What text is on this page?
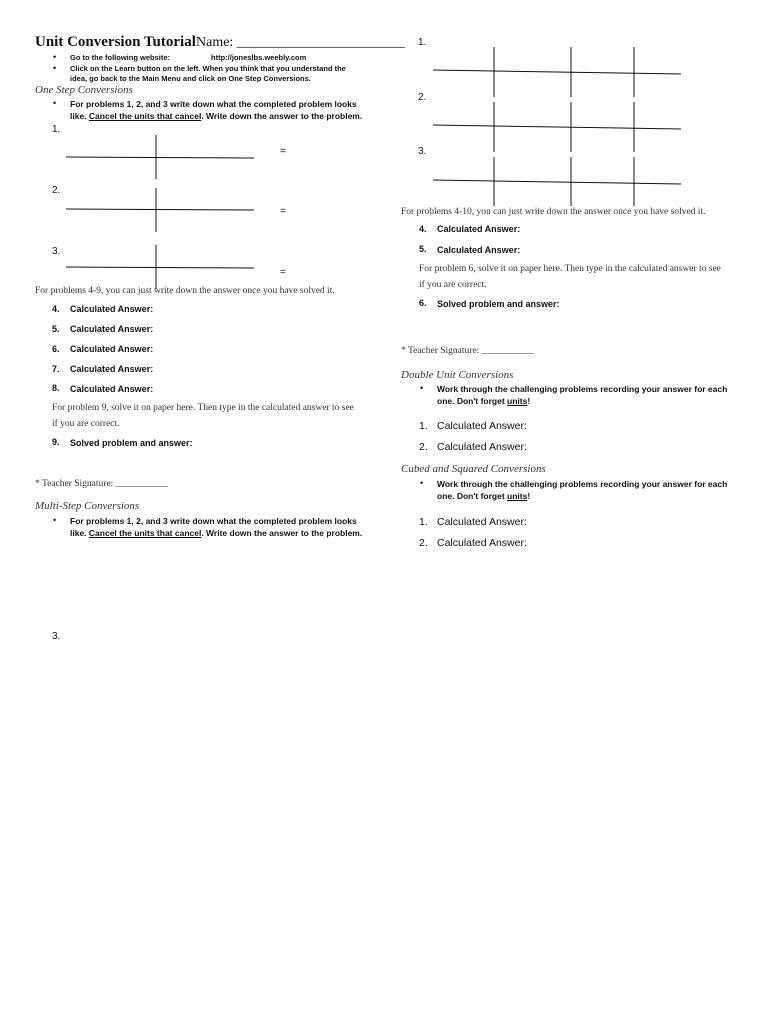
Unit Conversion Tutorial Name: ________________________
• Go to the following website:	http://joneslbs.weebly.com
• Click on the Learn button on the left. When you think that you understand the
idea, go back to the Main Menu and click on One Step Conversions.
One Step Conversions
• For problems 1, 2, and 3 write down what the completed problem looks
like. Cancel the units that cancel. Write down the answer to the problem.
1.
=
2.
=
3.
=
For problems 4-9, you can just write down the answer once you have solved it.
4. Calculated Answer:
5. Calculated Answer:
6. Calculated Answer:
7. Calculated Answer:
8. Calculated Answer:
For problem 9, solve it on paper here. Then type in the calculated answer to see
if you are correct.
9. Solved problem and answer:
* Teacher Signature: ___________
Multi-Step Conversions
• For problems 1, 2, and 3 write down what the completed problem looks
like. Cancel the units that cancel. Write down the answer to the problem.
3.
1.
2.
3.
For problems 4-10, you can just write down the answer once you have solved it.
4. Calculated Answer:
5. Calculated Answer:
For problem 6, solve it on paper here. Then type in the calculated answer to see
if you are correct.
6. Solved problem and answer:
* Teacher Signature: ___________
Double Unit Conversions
• Work through the challenging problems recording your answer for each
one. Don't forget units!
1. Calculated Answer:
2. Calculated Answer:
Cubed and Squared Conversions
• Work through the challenging problems recording your answer for each
one. Don't forget units!
1. Calculated Answer:
2. Calculated Answer:
